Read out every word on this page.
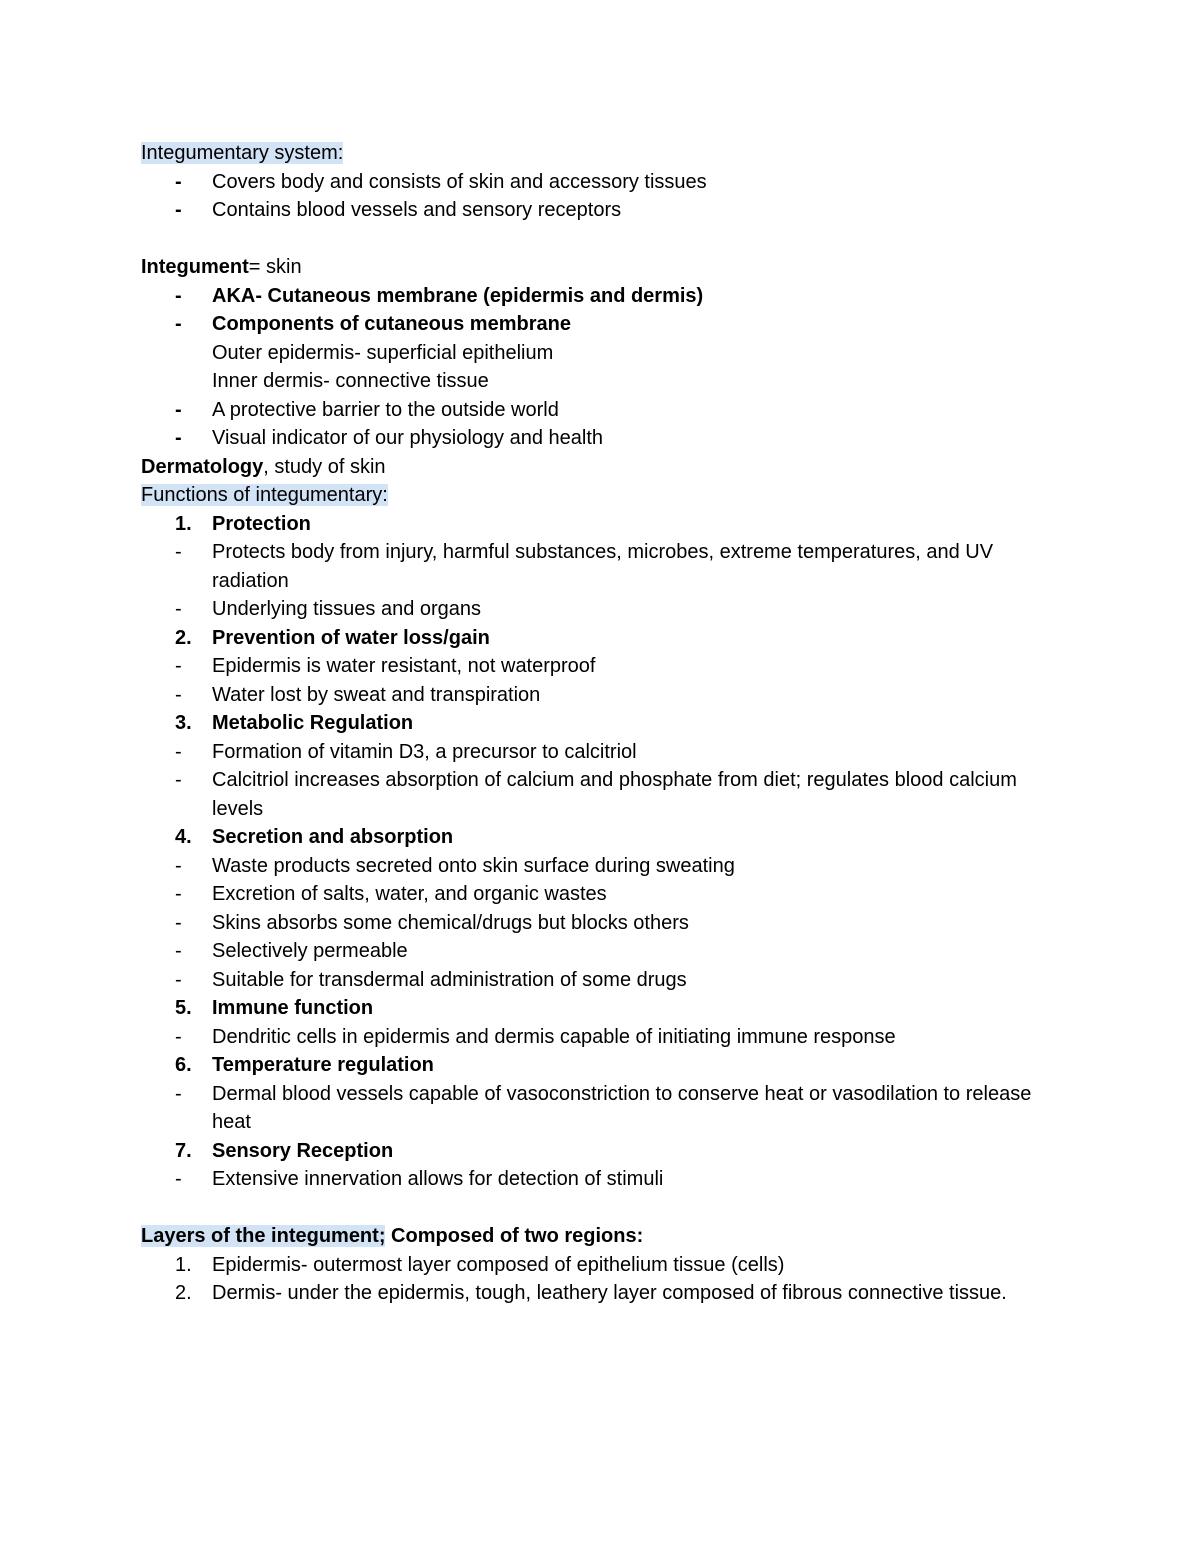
Integumentary system:
- Covers body and consists of skin and accessory tissues

- Contains blood vessels and sensory receptors

Integument= skin
- AKA- Cutaneous membrane (epidermis and dermis)

- Components of cutaneous membrane

Outer epidermis- superficial epithelium

Inner dermis- connective tissue

- A protective barrier to the outside world

- Visual indicator of our physiology and health

Dermatology, study of skin
Functions of integumentary:
1. Protection

- Protects body from injury, harmful substances, microbes, extreme temperatures, and UV radiation
- Underlying tissues and organs

2. Prevention of water loss/gain

- Epidermis is water resistant, not waterproof

- Water lost by sweat and transpiration

3. Metabolic Regulation

- Formation of vitamin D3, a precursor to calcitriol

- Calcitriol increases absorption of calcium and phosphate from diet; regulates blood calcium levels
4. Secretion and absorption

- Waste products secreted onto skin surface during sweating

- Excretion of salts, water, and organic wastes

- Skins absorbs some chemical/drugs but blocks others

- Selectively permeable

- Suitable for transdermal administration of some drugs

5. Immune function

- Dendritic cells in epidermis and dermis capable of initiating immune response

6. Temperature regulation

- Dermal blood vessels capable of vasoconstriction to conserve heat or vasodilation to release heat
7. Sensory Reception

- Extensive innervation allows for detection of stimuli

Layers of the integument; Composed of two regions:
1. Epidermis- outermost layer composed of epithelium tissue (cells)

2. Dermis- under the epidermis, tough, leathery layer composed of fibrous connective tissue.
